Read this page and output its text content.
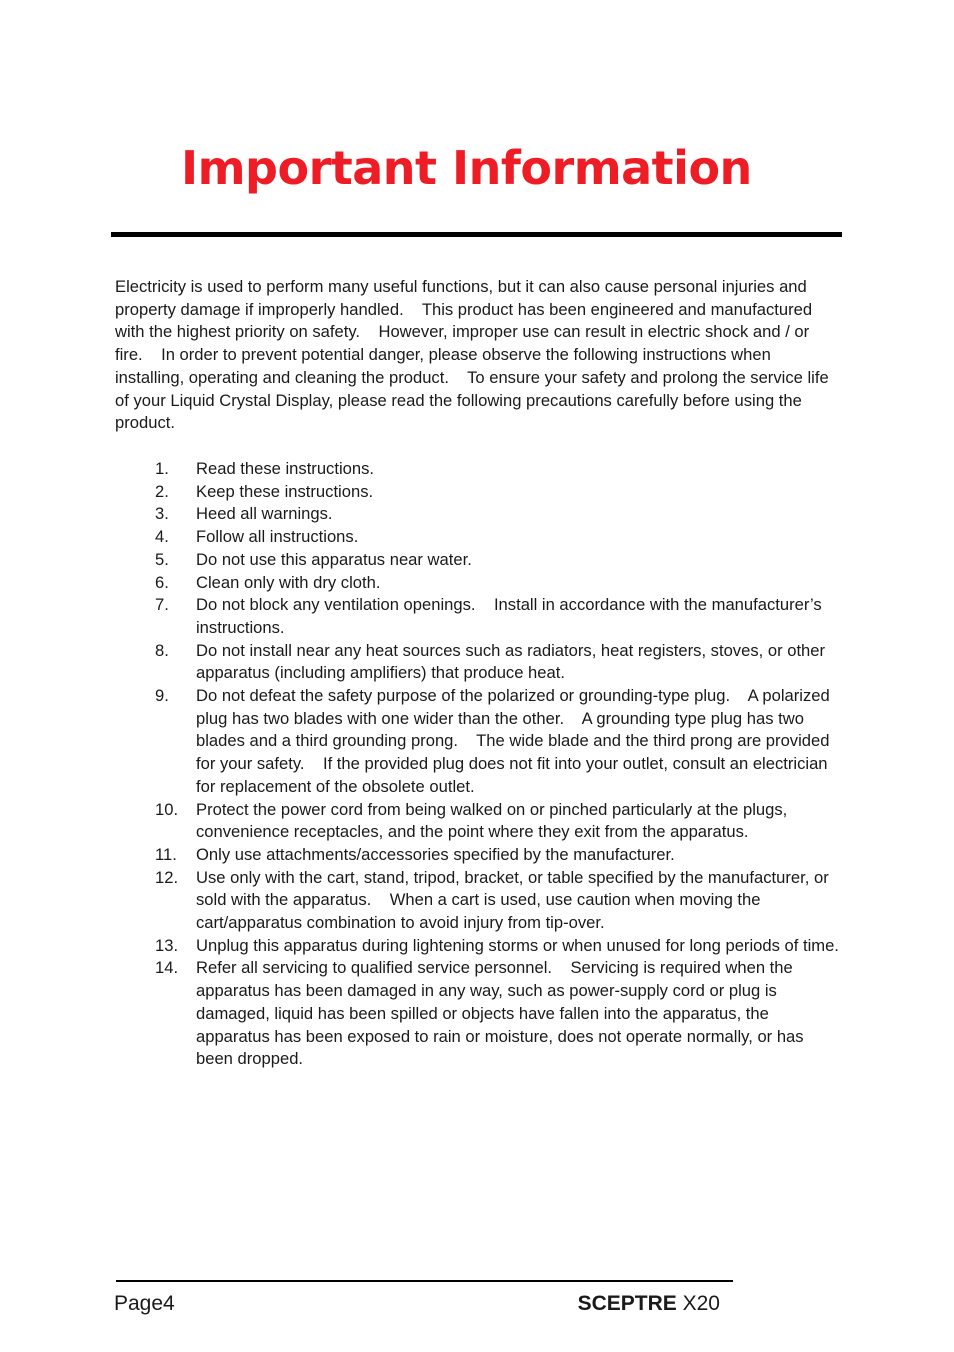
Important Information

Electricity is used to perform many useful functions, but it can also cause personal injuries and property damage if improperly handled.    This product has been engineered and manufactured with the highest priority on safety.    However, improper use can result in electric shock and / or fire.    In order to prevent potential danger, please observe the following instructions when installing, operating and cleaning the product.    To ensure your safety and prolong the service life of your Liquid Crystal Display, please read the following precautions carefully before using the product.

1.	Read these instructions.
2.	Keep these instructions.
3.	Heed all warnings.
4.	Follow all instructions.
5.	Do not use this apparatus near water.
6.	Clean only with dry cloth.
7.	Do not block any ventilation openings.    Install in accordance with the manufacturer’s instructions.
8.	Do not install near any heat sources such as radiators, heat registers, stoves, or other apparatus (including amplifiers) that produce heat.
9.	Do not defeat the safety purpose of the polarized or grounding-type plug.    A polarized plug has two blades with one wider than the other.    A grounding type plug has two blades and a third grounding prong.    The wide blade and the third prong are provided for your safety.    If the provided plug does not fit into your outlet, consult an electrician for replacement of the obsolete outlet.
10.	Protect the power cord from being walked on or pinched particularly at the plugs, convenience receptacles, and the point where they exit from the apparatus.
11.	Only use attachments/accessories specified by the manufacturer.
12.	Use only with the cart, stand, tripod, bracket, or table specified by the manufacturer, or sold with the apparatus.    When a cart is used, use caution when moving the cart/apparatus combination to avoid injury from tip-over.
13.	Unplug this apparatus during lightening storms or when unused for long periods of time.
14.	Refer all servicing to qualified service personnel.    Servicing is required when the apparatus has been damaged in any way, such as power-supply cord or plug is damaged, liquid has been spilled or objects have fallen into the apparatus, the apparatus has been exposed to rain or moisture, does not operate normally, or has been dropped.
Page4	SCEPTRE X20
